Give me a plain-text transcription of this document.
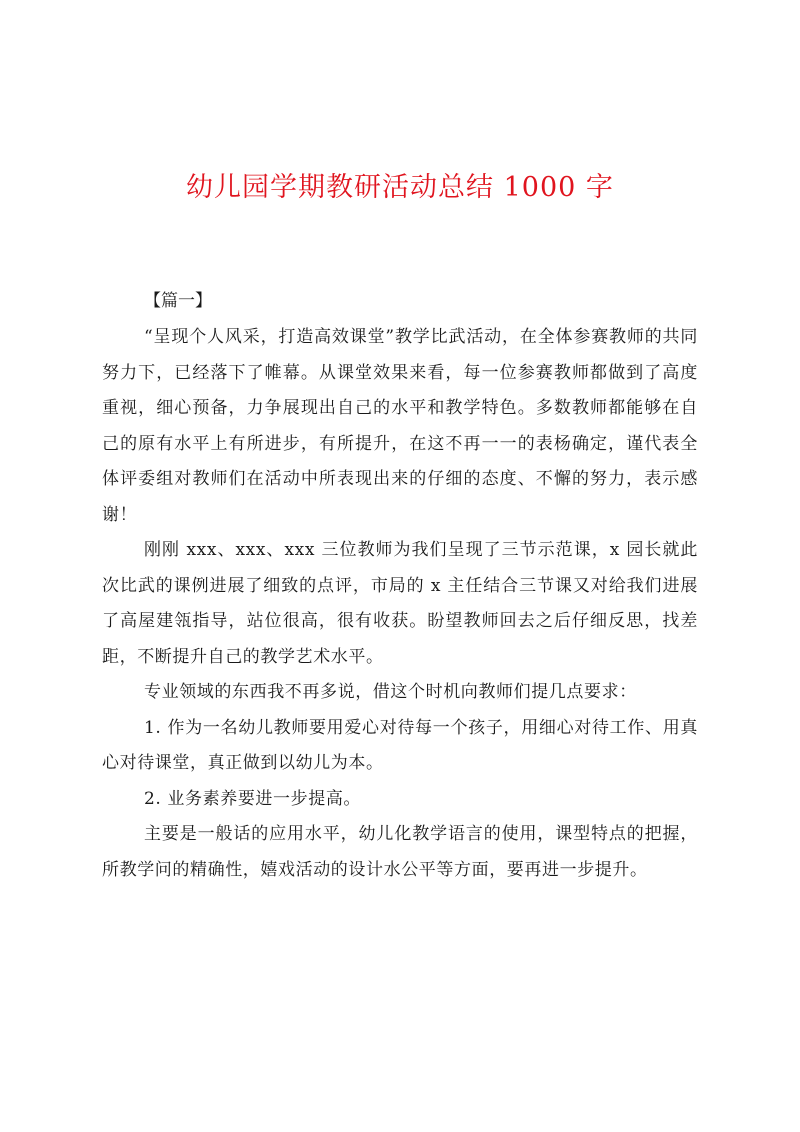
幼儿园学期教研活动总结 1000 字

【篇一】

“呈现个人风采，打造高效课堂”教学比武活动，在全体参赛教师的共同努力下，已经落下了帷幕。从课堂效果来看，每一位参赛教师都做到了高度重视，细心预备，力争展现出自己的水平和教学特色。多数教师都能够在自己的原有水平上有所进步，有所提升，在这不再一一的表杨确定，谨代表全体评委组对教师们在活动中所表现出来的仔细的态度、不懈的努力，表示感谢！

刚刚 xxx、xxx、xxx 三位教师为我们呈现了三节示范课，x 园长就此次比武的课例进展了细致的点评，市局的 x 主任结合三节课又对给我们进展了高屋建瓴指导，站位很高，很有收获。盼望教师回去之后仔细反思，找差距，不断提升自己的教学艺术水平。

专业领域的东西我不再多说，借这个时机向教师们提几点要求：

1. 作为一名幼儿教师要用爱心对待每一个孩子，用细心对待工作、用真心对待课堂，真正做到以幼儿为本。

2. 业务素养要进一步提高。

主要是一般话的应用水平，幼儿化教学语言的使用，课型特点的把握，所教学问的精确性，嬉戏活动的设计水公平等方面，要再进一步提升。
